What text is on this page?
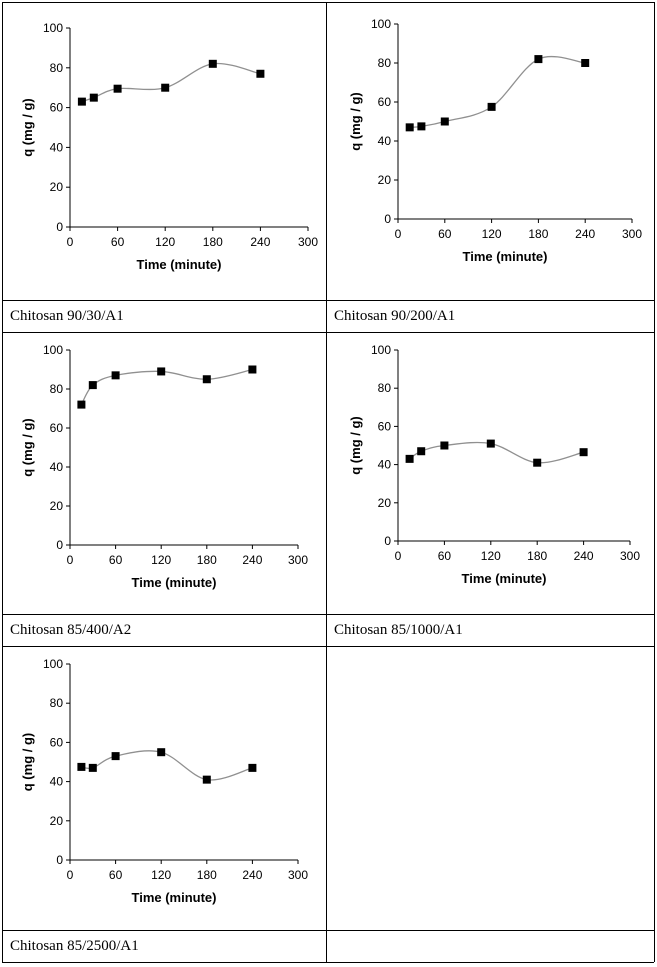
Chitosan 90/30/A1	Chitosan 90/200/A1
Chitosan 85/400/A2	Chitosan 85/1000/A1
Chitosan 85/2500/A1
0
20
40
60
80
100
0	60	120 180 240 300
Time (minute)
q (mg / g)
0
20
40
60
80
100
0	60	120 180 240 300
Time (minute)
q (mg / g)
0
20
40
60
80
100
0	60 120 180 240 300
Time (minute)
q (mg / g)
0
20
40
60
80
100
0	60 120 180 240 300
Time (minute)
q (mg / g)
0
20
40
60
80
100
0	60 120 180 240 300
Time (minute)
q (mg / g)
